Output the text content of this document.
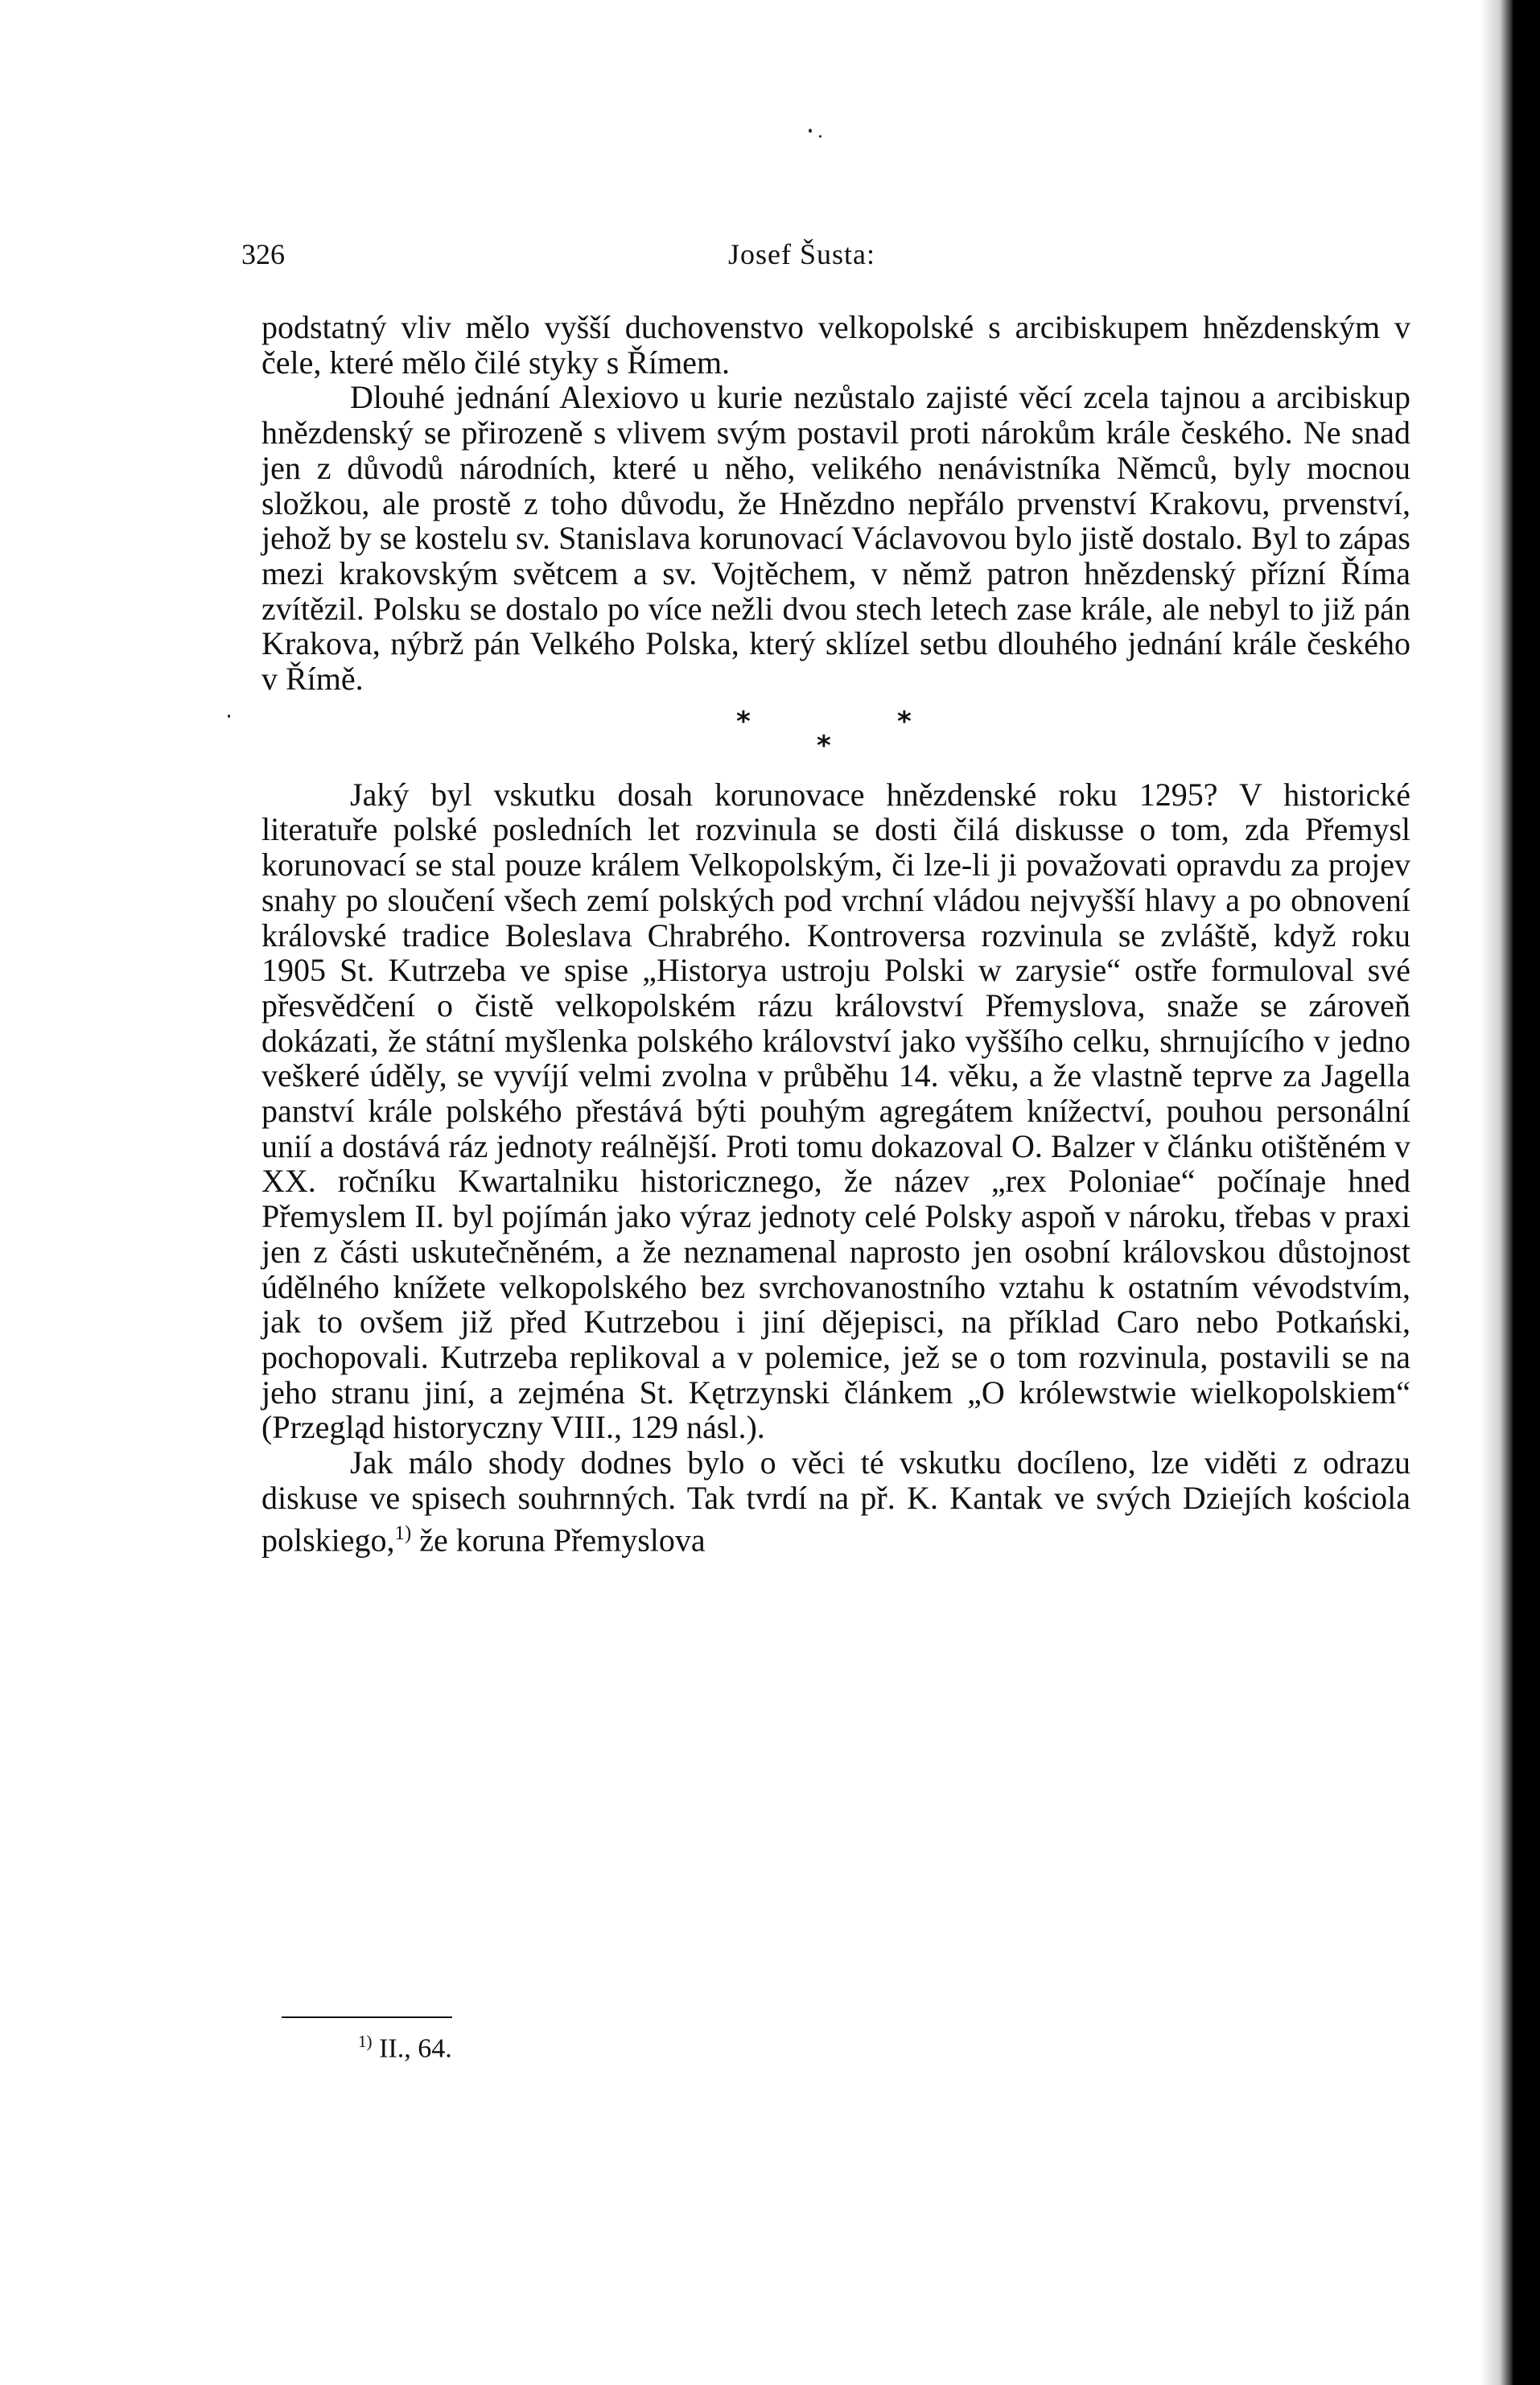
326	Josef Šusta:

podstatný vliv mělo vyšší duchovenstvo velkopolské s arcibiskupem hnězdenským v čele, které mělo čilé styky s Římem.

Dlouhé jednání Alexiovo u kurie nezůstalo zajisté věcí zcela tajnou a arcibiskup hnězdenský se přirozeně s vlivem svým postavil proti nárokům krále českého. Ne snad jen z důvodů národních, které u něho, velikého nenávistníka Němců, byly mocnou složkou, ale prostě z toho důvodu, že Hnězdno nepřálo prvenství Krakovu, prvenství, jehož by se kostelu sv. Stanislava korunovací Václavovou bylo jistě dostalo. Byl to zápas mezi krakovským světcem a sv. Vojtěchem, v němž patron hnězdenský přízní Říma zvítězil. Polsku se dostalo po více nežli dvou stech letech zase krále, ale nebyl to již pán Krakova, nýbrž pán Velkého Polska, který sklízel setbu dlouhého jednání krále českého v Římě.

*
*
*

Jaký byl vskutku dosah korunovace hnězdenské roku 1295? V historické literatuře polské posledních let rozvinula se dosti čilá diskusse o tom, zda Přemysl korunovací se stal pouze králem Velkopolským, či lze-li ji považovati opravdu za projev snahy po sloučení všech zemí polských pod vrchní vládou nejvyšší hlavy a po obnovení královské tradice Boleslava Chrabrého. Kontroversa rozvinula se zvláště, když roku 1905 St. Kutrzeba ve spise „Historya ustroju Polski w zarysie“ ostře formuloval své přesvědčení o čistě velkopolském rázu království Přemyslova, snaže se zároveň dokázati, že státní myšlenka polského království jako vyššího celku, shrnujícího v jedno veškeré úděly, se vyvíjí velmi zvolna v průběhu 14. věku, a že vlastně teprve za Jagella panství krále polského přestává býti pouhým agregátem knížectví, pouhou personální unií a dostává ráz jednoty reálnější. Proti tomu dokazoval O. Balzer v článku otištěném v XX. ročníku Kwartalniku historicznego, že název „rex Poloniae“ počínaje hned Přemyslem II. byl pojímán jako výraz jednoty celé Polsky aspoň v nároku, třebas v praxi jen z části uskutečněném, a že neznamenal naprosto jen osobní královskou důstojnost údělného knížete velkopolského bez svrchovanostního vztahu k ostatním vévodstvím, jak to ovšem již před Kutrzebou i jiní dějepisci, na příklad Caro nebo Potkański, pochopovali. Kutrzeba replikoval a v polemice, jež se o tom rozvinula, postavili se na jeho stranu jiní, a zejména St. Kętrzynski článkem „O królewstwie wielkopolskiem“ (Przegląd historyczny VIII., 129 násl.).

Jak málo shody dodnes bylo o věci té vskutku docíleno, lze viděti z odrazu diskuse ve spisech souhrnných. Tak tvrdí na př. K. Kantak ve svých Dziejích kościola polskiego,$^{1)}$ že koruna Přemyslova

$^{1)}$ II., 64.
